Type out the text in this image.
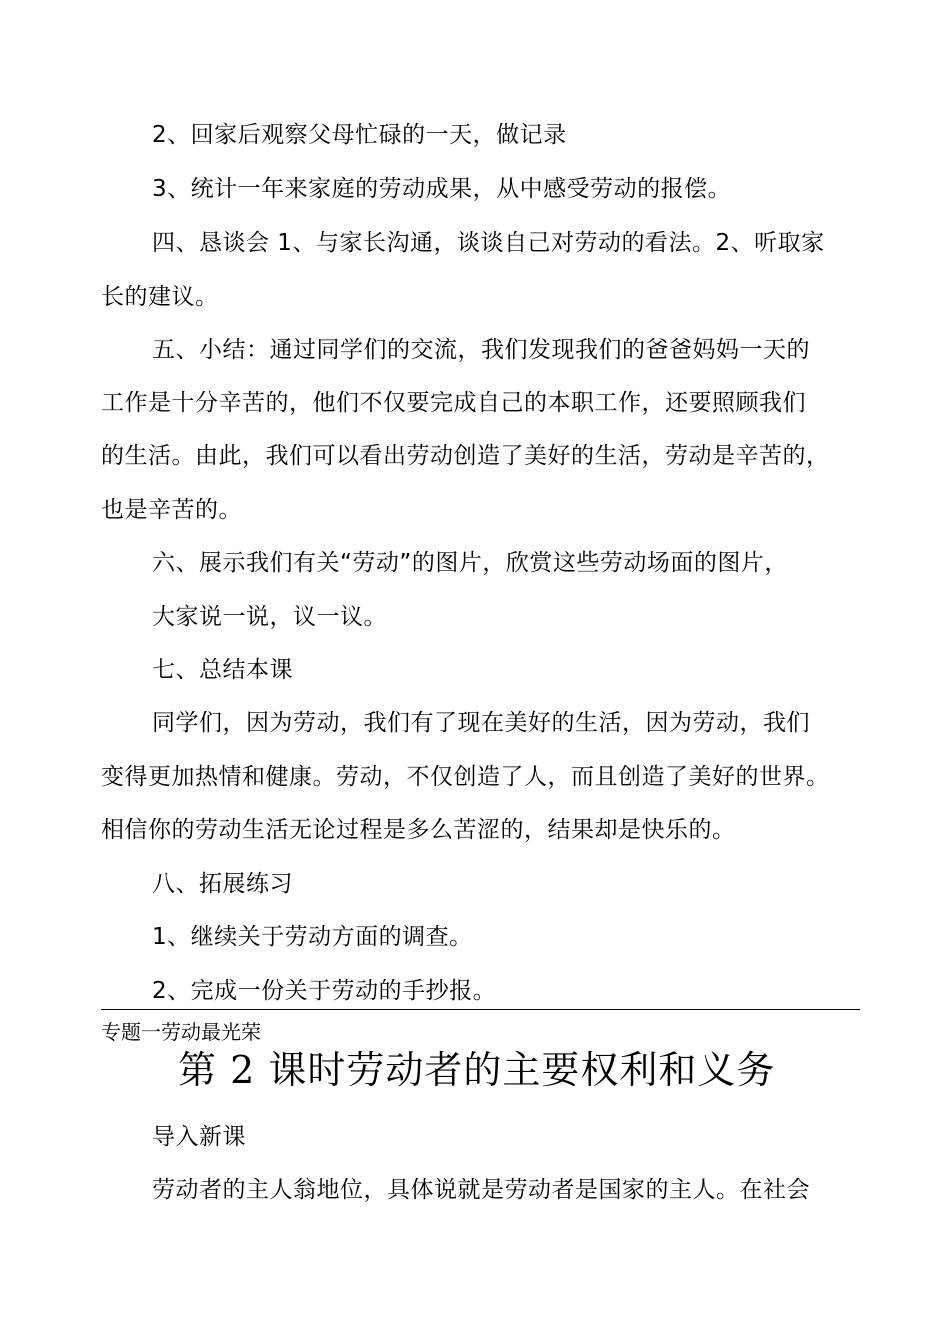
2、回家后观察父母忙碌的一天，做记录
3、统计一年来家庭的劳动成果，从中感受劳动的报偿。
四、恳谈会 1、与家长沟通，谈谈自己对劳动的看法。2、听取家
长的建议。
五、小结：通过同学们的交流，我们发现我们的爸爸妈妈一天的
工作是十分辛苦的，他们不仅要完成自己的本职工作，还要照顾我们
的生活。由此，我们可以看出劳动创造了美好的生活，劳动是辛苦的，
也是辛苦的。
六、展示我们有关“劳动”的图片，欣赏这些劳动场面的图片，
大家说一说，议一议。
七、总结本课
同学们，因为劳动，我们有了现在美好的生活，因为劳动，我们
变得更加热情和健康。劳动，不仅创造了人，而且创造了美好的世界。
相信你的劳动生活无论过程是多么苦涩的，结果却是快乐的。
八、拓展练习
1、继续关于劳动方面的调查。
2、完成一份关于劳动的手抄报。
专题一劳动最光荣
第 2 课时劳动者的主要权利和义务
导入新课
劳动者的主人翁地位，具体说就是劳动者是国家的主人。在社会
